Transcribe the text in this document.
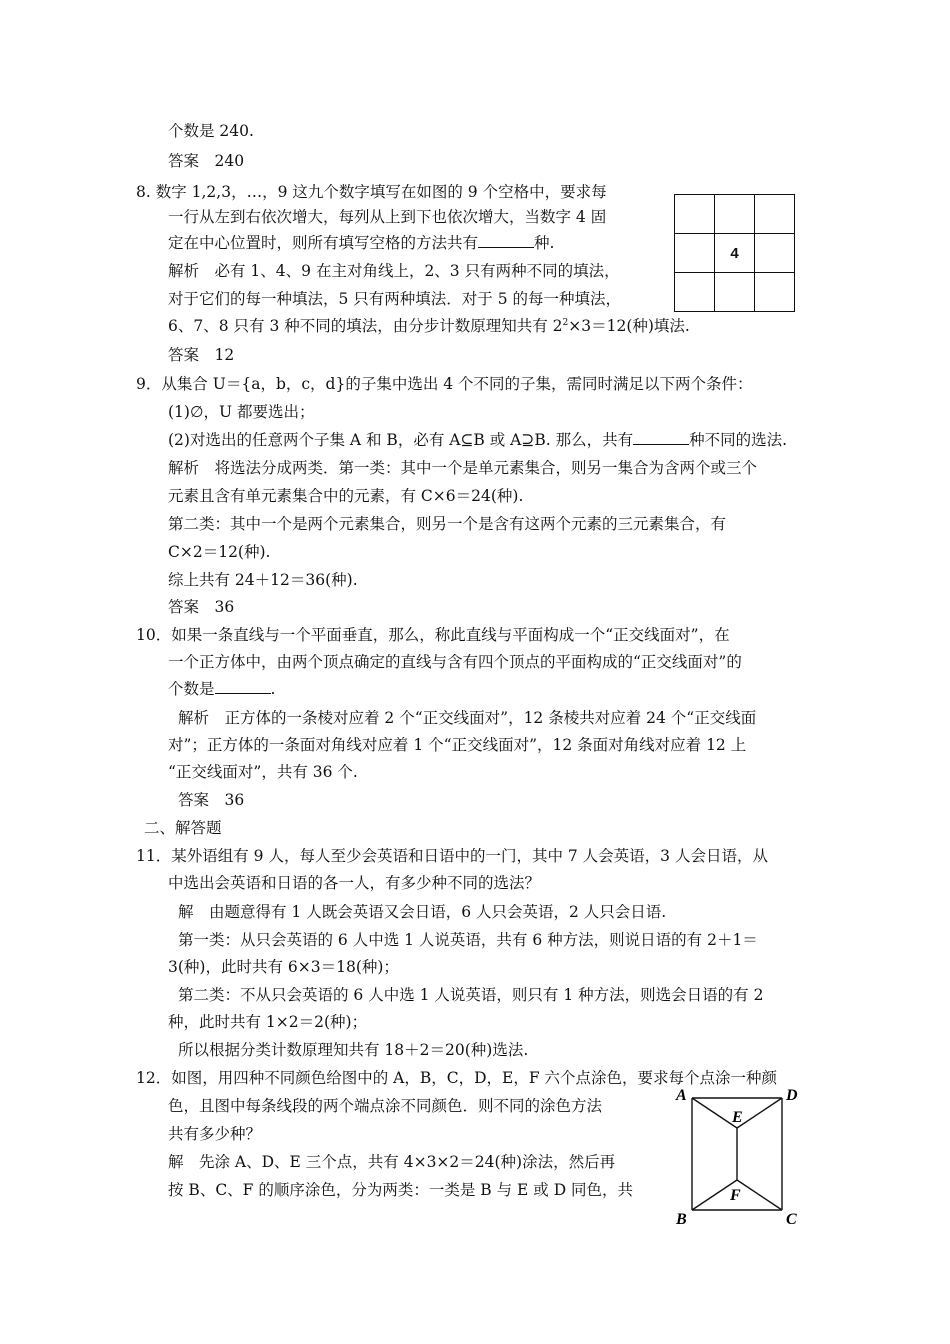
个数是 240.
答案　240
8. 数字 1,2,3，…，9 这九个数字填写在如图的 9 个空格中，要求每
一行从左到右依次增大，每列从上到下也依次增大，当数字 4 固
定在中心位置时，则所有填写空格的方法共有	种.
解析　必有 1、4、9 在主对角线上，2、3 只有两种不同的填法，
对于它们的每一种填法，5 只有两种填法．对于 5 的每一种填法，
6、7、8 只有 3 种不同的填法，由分步计数原理知共有 $2^2\times 3=12$(种)填法.
答案　12
9．从集合 U＝{a，b，c，d}的子集中选出 4 个不同的子集，需同时满足以下两个条件：
(1)∅，U 都要选出；
(2)对选出的任意两个子集 A 和 B，必有 A⊆B 或 A⊇B. 那么，共有	种不同的选法.
解析　将选法分成两类．第一类：其中一个是单元素集合，则另一集合为含两个或三个
元素且含有单元素集合中的元素，有 C×6＝24(种).
第二类：其中一个是两个元素集合，则另一个是含有这两个元素的三元素集合，有
C×2＝12(种).
综上共有 24＋12＝36(种).
答案　36
10．如果一条直线与一个平面垂直，那么，称此直线与平面构成一个“正交线面对”，在
一个正方体中，由两个顶点确定的直线与含有四个顶点的平面构成的“正交线面对”的
个数是	.
解析　正方体的一条棱对应着 2 个“正交线面对”，12 条棱共对应着 24 个“正交线面
对”；正方体的一条面对角线对应着 1 个“正交线面对”，12 条面对角线对应着 12 上
“正交线面对”，共有 36 个.
答案　36
二、解答题
11．某外语组有 9 人，每人至少会英语和日语中的一门，其中 7 人会英语，3 人会日语，从
中选出会英语和日语的各一人，有多少种不同的选法？
解　由题意得有 1 人既会英语又会日语，6 人只会英语，2 人只会日语.
第一类：从只会英语的 6 人中选 1 人说英语，共有 6 种方法，则说日语的有 2＋1＝
3(种)，此时共有 6×3＝18(种)；
第二类：不从只会英语的 6 人中选 1 人说英语，则只有 1 种方法，则选会日语的有 2
种，此时共有 1×2＝2(种)；
所以根据分类计数原理知共有 18＋2＝20(种)选法.
12．如图，用四种不同颜色给图中的 A，B，C，D，E，F 六个点涂色，要求每个点涂一种颜
色，且图中每条线段的两个端点涂不同颜色．则不同的涂色方法
共有多少种？
解　先涂 A、D、E 三个点，共有 4×3×2＝24(种)涂法，然后再
按 B、C、F 的顺序涂色，分为两类：一类是 B 与 E 或 D 同色，共

	4	

A	D
E
F
B	C
